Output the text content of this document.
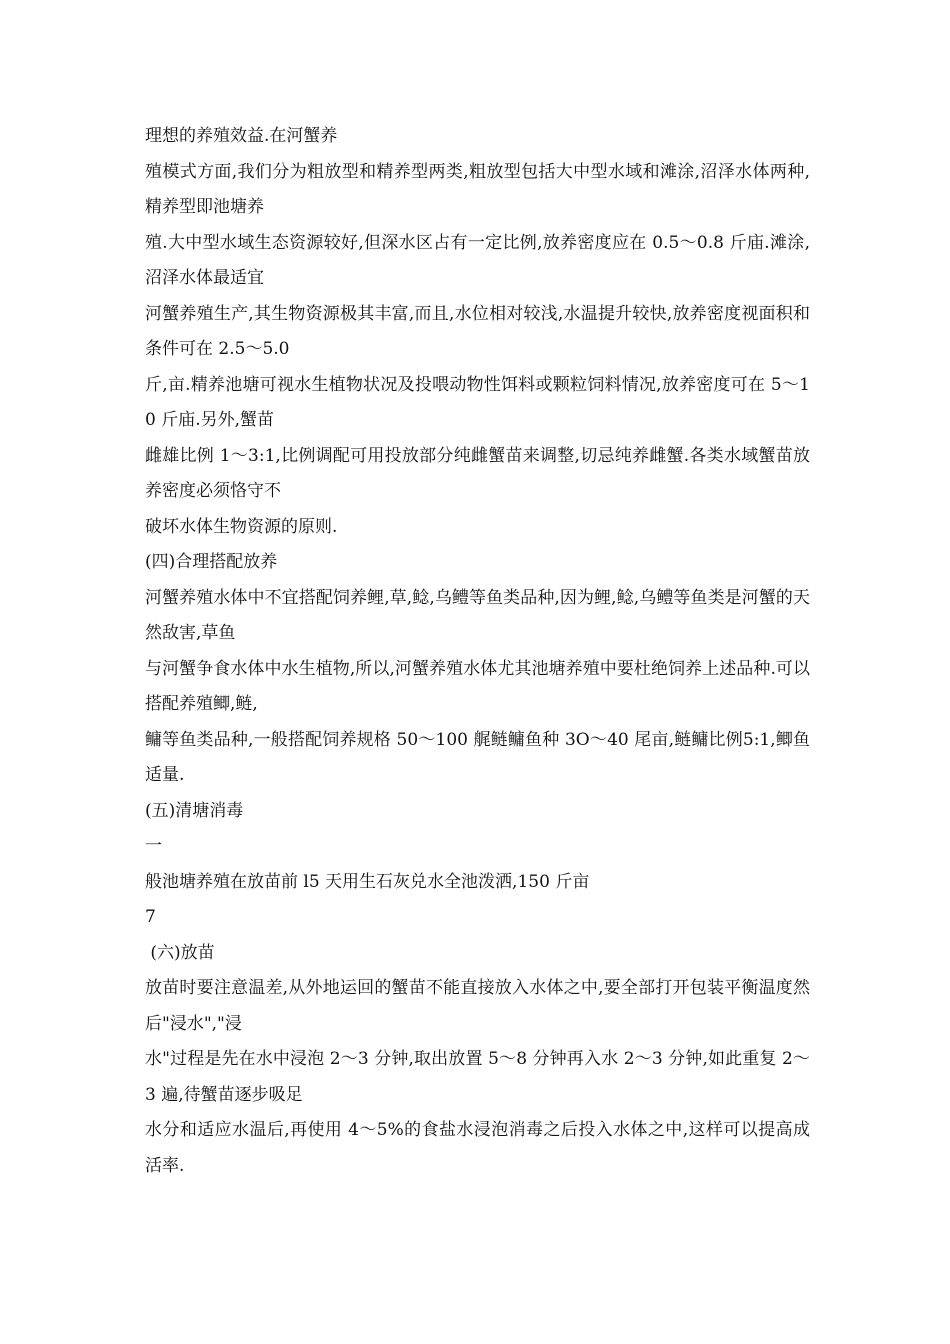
理想的养殖效益.在河蟹养

殖模式方面,我们分为粗放型和精养型两类,粗放型包括大中型水域和滩涂,沼泽水体两种,精养型即池塘养

殖.大中型水域生态资源较好,但深水区占有一定比例,放养密度应在 0.5～0.8 斤庙.滩涂,沼泽水体最适宜

河蟹养殖生产,其生物资源极其丰富,而且,水位相对较浅,水温提升较快,放养密度视面积和条件可在 2.5～5.0

斤,亩.精养池塘可视水生植物状况及投喂动物性饵料或颗粒饲料情况,放养密度可在 5～10 斤庙.另外,蟹苗

雌雄比例 1～3:1,比例调配可用投放部分纯雌蟹苗来调整,切忌纯养雌蟹.各类水域蟹苗放养密度必须恪守不

破坏水体生物资源的原则.

(四)合理搭配放养

河蟹养殖水体中不宜搭配饲养鲤,草,鲶,乌鳢等鱼类品种,因为鲤,鲶,乌鳢等鱼类是河蟹的天然敌害,草鱼

与河蟹争食水体中水生植物,所以,河蟹养殖水体尤其池塘养殖中要杜绝饲养上述品种.可以搭配养殖鲫,鲢,

鳙等鱼类品种,一般搭配饲养规格 50～100 艉鲢鳙鱼种 3O～40 尾亩,鲢鳙比例5:1,鲫鱼适量.

(五)清塘消毒

一

般池塘养殖在放苗前 l5 天用生石灰兑水全池泼洒,150 斤亩

7

(六)放苗

放苗时要注意温差,从外地运回的蟹苗不能直接放入水体之中,要全部打开包装平衡温度然后"浸水","浸

水"过程是先在水中浸泡 2～3 分钟,取出放置 5～8 分钟再入水 2～3 分钟,如此重复 2～3 遍,待蟹苗逐步吸足

水分和适应水温后,再使用 4～5%的食盐水浸泡消毒之后投入水体之中,这样可以提高成活率.
